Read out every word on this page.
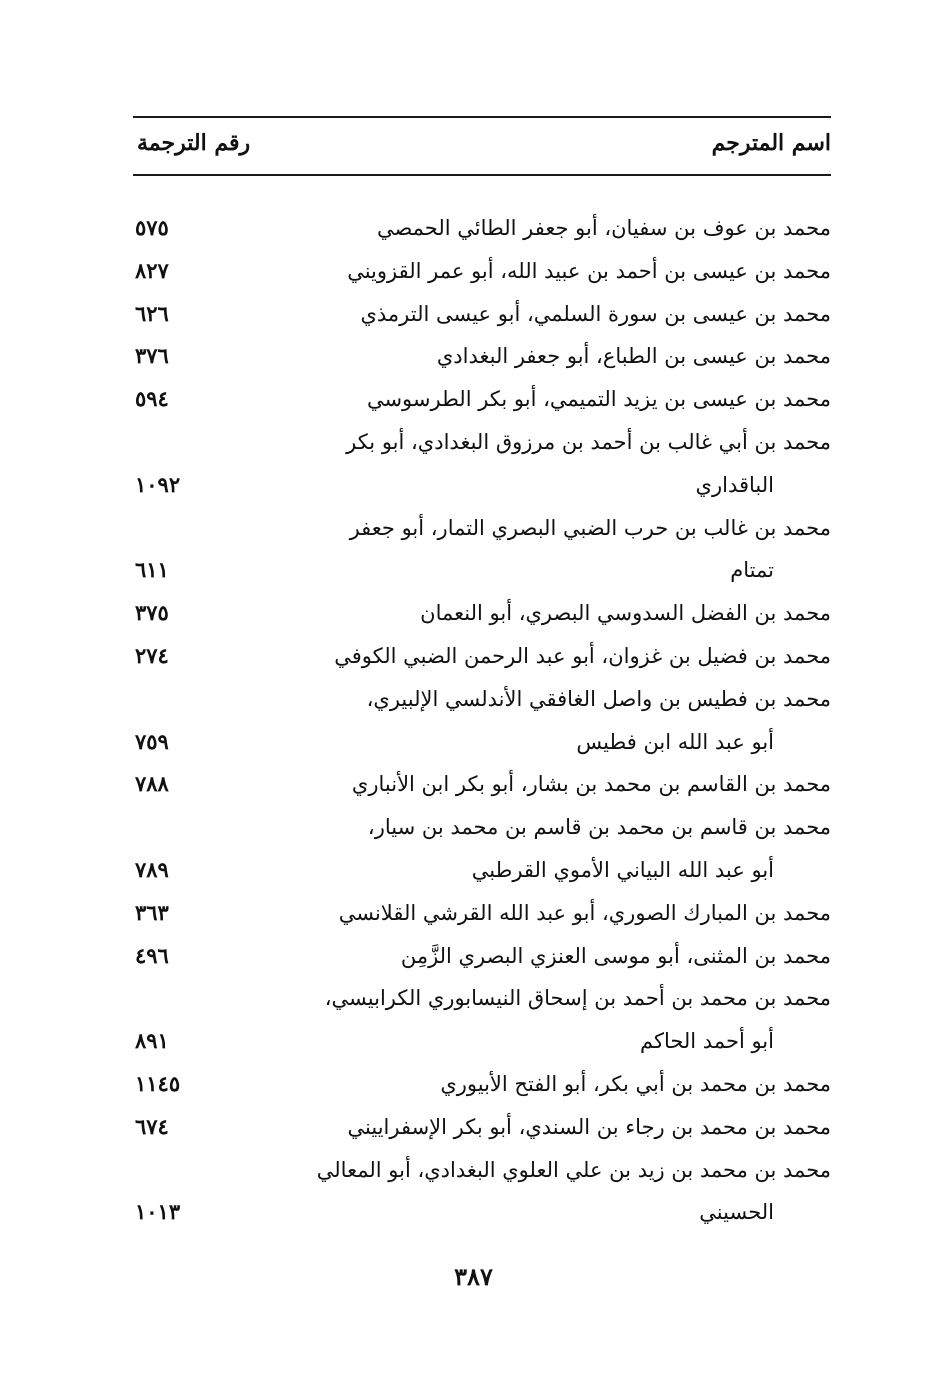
اسم المترجم
رقم الترجمة
محمد بن عوف بن سفيان، أبو جعفر الطائي الحمصي
٥٧٥
محمد بن عيسى بن أحمد بن عبيد الله، أبو عمر القزويني
٨٢٧
محمد بن عيسى بن سورة السلمي، أبو عيسى الترمذي
٦٢٦
محمد بن عيسى بن الطباع، أبو جعفر البغدادي
٣٧٦
محمد بن عيسى بن يزيد التميمي، أبو بكر الطرسوسي
٥٩٤
محمد بن أبي غالب بن أحمد بن مرزوق البغدادي، أبو بكر
الباقداري
١٠٩٢
محمد بن غالب بن حرب الضبي البصري التمار، أبو جعفر
تمتام
٦١١
محمد بن الفضل السدوسي البصري، أبو النعمان
٣٧٥
محمد بن فضيل بن غزوان، أبو عبد الرحمن الضبي الكوفي
٢٧٤
محمد بن فطيس بن واصل الغافقي الأندلسي الإلبيري،
أبو عبد الله ابن فطيس
٧٥٩
محمد بن القاسم بن محمد بن بشار، أبو بكر ابن الأنباري
٧٨٨
محمد بن قاسم بن محمد بن قاسم بن محمد بن سيار،
أبو عبد الله البياني الأموي القرطبي
٧٨٩
محمد بن المبارك الصوري، أبو عبد الله القرشي القلانسي
٣٦٣
محمد بن المثنى، أبو موسى العنزي البصري الزَّمِن
٤٩٦
محمد بن محمد بن أحمد بن إسحاق النيسابوري الكرابيسي،
أبو أحمد الحاكم
٨٩١
محمد بن محمد بن أبي بكر، أبو الفتح الأبيوري
١١٤٥
محمد بن محمد بن رجاء بن السندي، أبو بكر الإسفراييني
٦٧٤
محمد بن محمد بن زيد بن علي العلوي البغدادي، أبو المعالي
الحسيني
١٠١٣
٣٨٧
